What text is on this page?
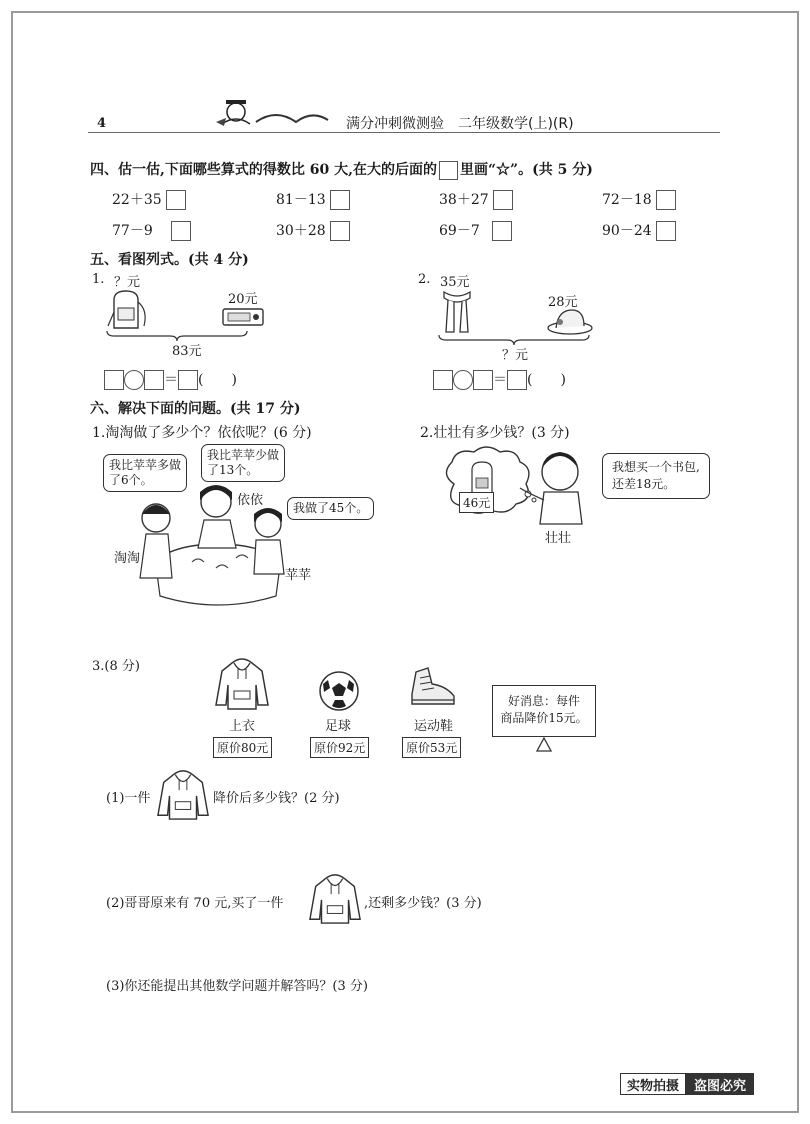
4	满分冲刺微测验　二年级数学(上)(R)
四、估一估,下面哪些算式的得数比 60 大,在大的后面的 里画“☆”。(共 5 分)
22＋35	81－13	38＋27	72－18
77－9	30＋28	69－7	90－24
五、看图列式。(共 4 分)
1. ？元
20元
83元
＝ (　　)
2. 35元
28元
？元
＝ (　　)
六、解决下面的问题。(共 17 分)
1.淘淘做了多少个？依依呢？(6 分)
我比苹苹多做
了6个。
我比苹苹少做
了13个。
我做了45个。
依依
淘淘
苹苹
2.壮壮有多少钱？(3 分)
46元
我想买一个书包,
还差18元。
壮壮
3.(8 分)
上衣	足球	运动鞋
原价80元	原价92元	原价53元
好消息：每件
商品降价15元。
(1)一件	降价后多少钱？(2 分)
(2)哥哥原来有 70 元,买了一件	,还剩多少钱？(3 分)
(3)你还能提出其他数学问题并解答吗？(3 分)
实物拍摄	盗图必究
